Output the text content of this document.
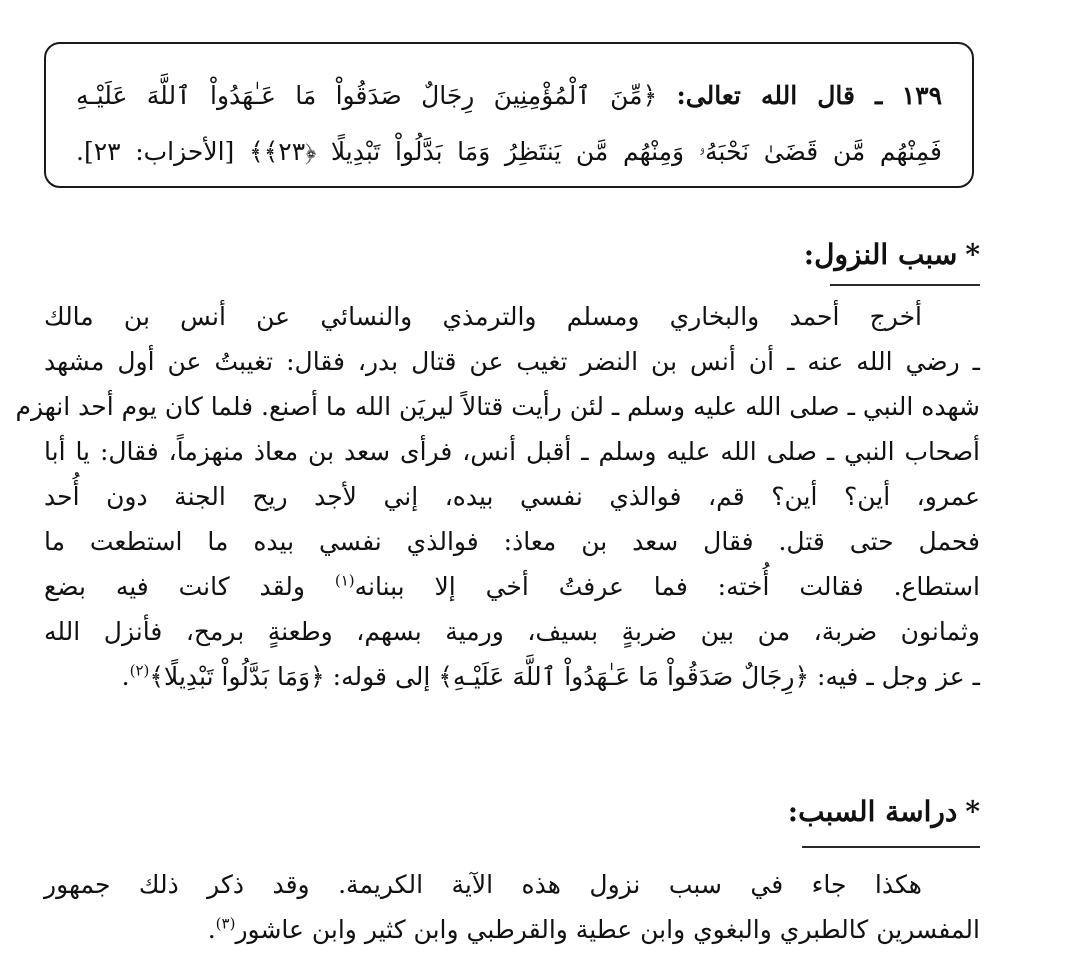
١٣٩ ـ قال الله تعالى: ﴿مِّنَ ٱلْمُؤْمِنِينَ رِجَالٌ صَدَقُواْ مَا عَـٰهَدُواْ ٱللَّهَ عَلَيْـهِ
فَمِنْهُم مَّن قَضَىٰ نَحْبَهُۥ وَمِنْهُم مَّن يَنتَظِرُ وَمَا بَدَّلُواْ تَبْدِيلًا ﴿٢٣﴾﴾ [الأحزاب: ٢٣].
*سبب النزول:
أخرج أحمد والبخاري ومسلم والترمذي والنسائي عن أنس بن مالك
ـ رضي الله عنه ـ أن أنس بن النضر تغيب عن قتال بدر، فقال: تغيبتُ عن أول مشهد
شهده النبي ـ صلى الله عليه وسلم ـ لئن رأيت قتالاً ليريَن الله ما أصنع. فلما كان يوم أحد انهزم
أصحاب النبي ـ صلى الله عليه وسلم ـ أقبل أنس، فرأى سعد بن معاذ منهزماً، فقال: يا أبا
عمرو، أين؟ أين؟ قم، فوالذي نفسي بيده، إني لأجد ريح الجنة دون أُحد
فحمل حتى قتل. فقال سعد بن معاذ: فوالذي نفسي بيده ما استطعت ما
استطاع. فقالت أُخته: فما عرفتُ أخي إلا ببنانه$^{(١)}$ ولقد كانت فيه بضع
وثمانون ضربة، من بين ضربةٍ بسيف، ورمية بسهم، وطعنةٍ برمح، فأنزل الله
ـ عز وجل ـ فيه: ﴿رِجَالٌ صَدَقُواْ مَا عَـٰهَدُواْ ٱللَّهَ عَلَيْـهِ﴾ إلى قوله: ﴿وَمَا بَدَّلُواْ تَبْدِيلًا﴾$^{(٢)}$.
*دراسة السبب:
هكذا جاء في سبب نزول هذه الآية الكريمة. وقد ذكر ذلك جمهور
المفسرين كالطبري والبغوي وابن عطية والقرطبي وابن كثير وابن عاشور$^{(٣)}$.
